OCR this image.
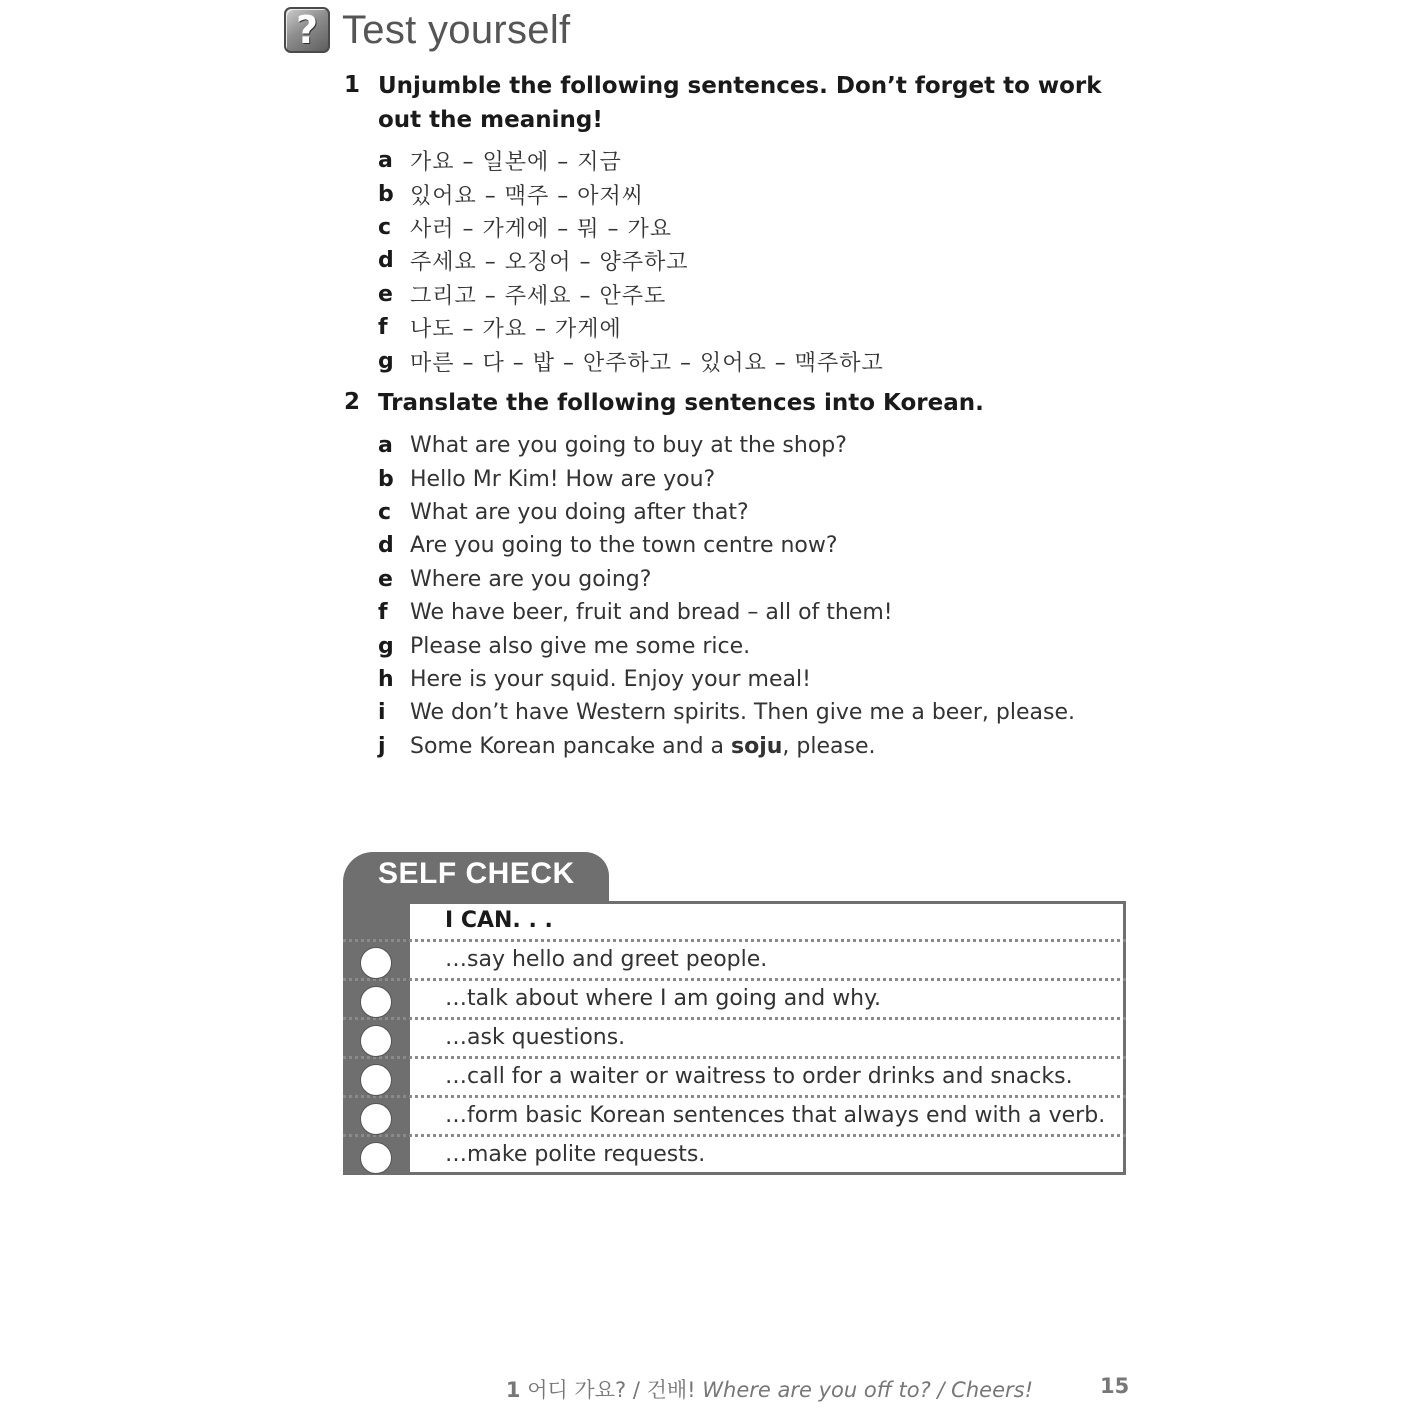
? Test yourself
1 Unjumble the following sentences. Don’t forget to work out the meaning!
a 가요 – 일본에 – 지금
b 있어요 – 맥주 – 아저씨
c 사러 – 가게에 – 뭐 – 가요
d 주세요 – 오징어 – 양주하고
e 그리고 – 주세요 – 안주도
f	나도 – 가요 – 가게에
g 마른 – 다 – 밥 – 안주하고 – 있어요 – 맥주하고
2 Translate the following sentences into Korean.
a What are you going to buy at the shop?
b Hello Mr Kim! How are you?
c What are you doing after that?
d Are you going to the town centre now?
e Where are you going?
f	We have beer, fruit and bread – all of them!
g Please also give me some rice.
h Here is your squid. Enjoy your meal!
i	We don’t have Western spirits. Then give me a beer, please.
j	Some Korean pancake and a soju, please.
SELF CHECK
I CAN. . .
…say hello and greet people.
…talk about where I am going and why.
…ask questions.
…call for a waiter or waitress to order drinks and snacks.
…form basic Korean sentences that always end with a verb.
…make polite requests.
1 어디 가요? / 건배! Where are you off to? / Cheers!	15
